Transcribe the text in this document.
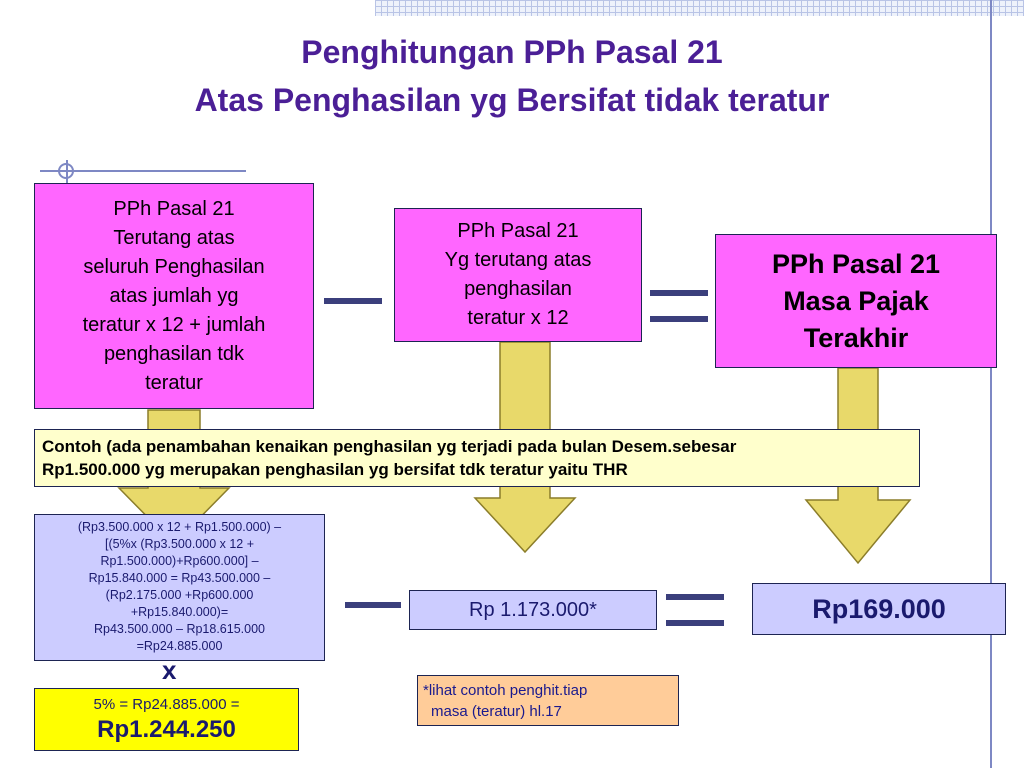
Penghitungan PPh Pasal 21
Atas Penghasilan yg Bersifat tidak teratur
PPh Pasal 21
Terutang atas
seluruh Penghasilan
atas jumlah yg
teratur x 12 + jumlah
penghasilan tdk
teratur
PPh Pasal 21
Yg terutang atas
penghasilan
teratur x 12
PPh Pasal 21
Masa Pajak
Terakhir
Contoh (ada penambahan kenaikan penghasilan yg terjadi pada bulan Desem.sebesar
Rp1.500.000 yg merupakan penghasilan yg bersifat tdk teratur yaitu THR
(Rp3.500.000 x 12 + Rp1.500.000) –
[(5%x (Rp3.500.000 x 12 +
Rp1.500.000)+Rp600.000] –
Rp15.840.000 = Rp43.500.000 –
(Rp2.175.000 +Rp600.000
+Rp15.840.000)=
Rp43.500.000 – Rp18.615.000
=Rp24.885.000
x
5% = Rp24.885.000 =
Rp1.244.250
Rp 1.173.000*	Rp169.000
*lihat contoh penghit.tiap
masa (teratur) hl.17
